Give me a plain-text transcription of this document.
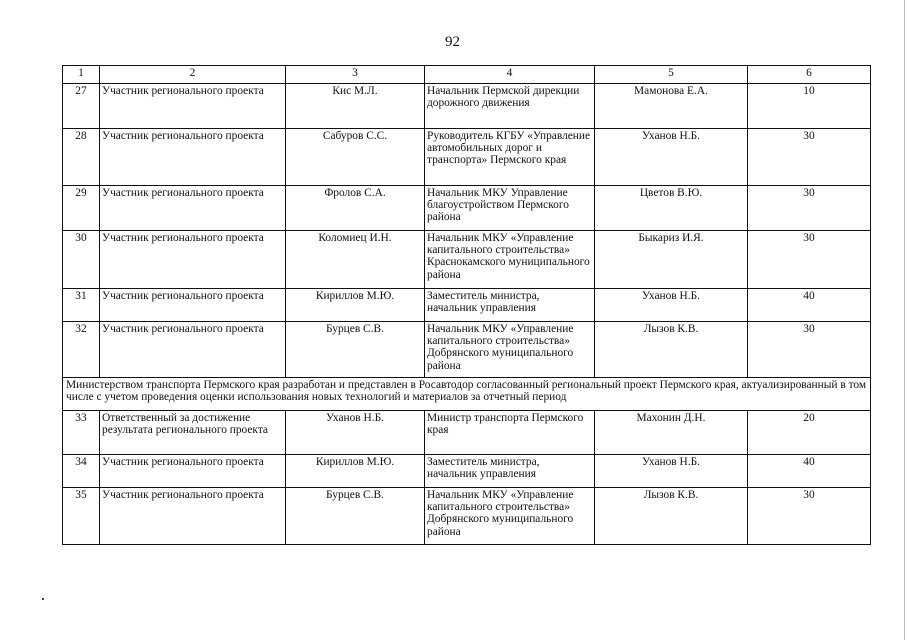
92
1	2	3	4	5	6
27	Участник регионального проекта	Кис М.Л.	Начальник Пермской дирекции дорожного движения	Мамонова Е.А.	10
28	Участник регионального проекта	Сабуров С.С.	Руководитель КГБУ «Управление автомобильных дорог и транспорта» Пермского края	Уханов Н.Б.	30
29	Участник регионального проекта	Фролов С.А.	Начальник МКУ Управление благоустройством Пермского района	Цветов В.Ю.	30
30	Участник регионального проекта	Коломиец И.Н.	Начальник МКУ «Управление капитального строительства» Краснокамского муниципального района	Быкариз И.Я.	30
31	Участник регионального проекта	Кириллов М.Ю.	Заместитель министра, начальник управления	Уханов Н.Б.	40
32	Участник регионального проекта	Бурцев С.В.	Начальник МКУ «Управление капитального строительства» Добрянского муниципального района	Лызов К.В.	30
Министерством транспорта Пермского края разработан и представлен в Росавтодор согласованный региональный проект Пермского края, актуализированный в том числе с учетом проведения оценки использования новых технологий и материалов за отчетный период					
33	Ответственный за достижение результата регионального проекта	Уханов Н.Б.	Министр транспорта Пермского края	Махонин Д.Н.	20
34	Участник регионального проекта	Кириллов М.Ю.	Заместитель министра, начальник управления	Уханов Н.Б.	40
35	Участник регионального проекта	Бурцев С.В.	Начальник МКУ «Управление капитального строительства» Добрянского муниципального района	Лызов К.В.	30
